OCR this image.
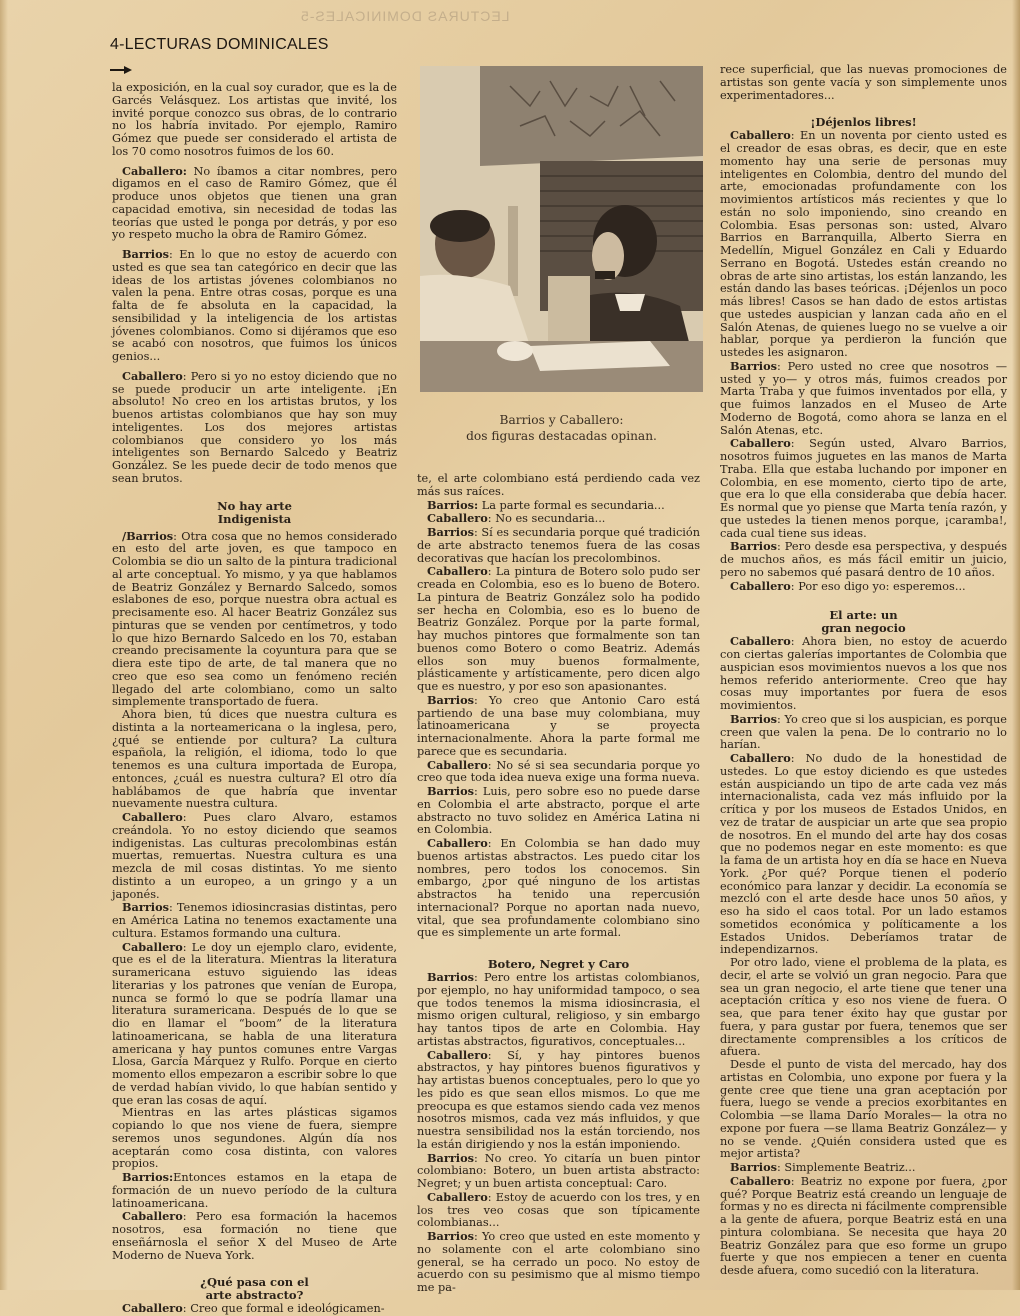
LECTURAS DOMINICALES-5
4-LECTURAS DOMINICALES

la exposición, en la cual soy curador, que es la de Garcés Velásquez. Los artistas que invité, los invité porque conozco sus obras, de lo contrario no los habría invitado. Por ejemplo, Ramiro Gómez que puede ser considerado el artista de los 70 como nosotros fuimos de los 60.

Caballero: No íbamos a citar nombres, pero digamos en el caso de Ramiro Gómez, que él produce unos objetos que tienen una gran capacidad emotiva, sin necesidad de todas las teorías que usted le ponga por detrás, y por eso yo respeto mucho la obra de Ramiro Gómez.

Barrios: En lo que no estoy de acuerdo con usted es que sea tan categórico en decir que las ideas de los artistas jóvenes colombianos no valen la pena. Entre otras cosas, porque es una falta de fe absoluta en la capacidad, la sensibilidad y la inteligencia de los artistas jóvenes colombianos. Como si dijéramos que eso se acabó con nosotros, que fuimos los únicos genios...

Caballero: Pero si yo no estoy diciendo que no se puede producir un arte inteligente. ¡En absoluto! No creo en los artistas brutos, y los buenos artistas colombianos que hay son muy inteligentes. Los dos mejores artistas colombianos que considero yo los más inteligentes son Bernardo Salcedo y Beatriz González. Se les puede decir de todo menos que sean brutos.

No hay arte
Indigenista

/Barrios: Otra cosa que no hemos considerado en esto del arte joven, es que tampoco en Colombia se dio un salto de la pintura tradicional al arte conceptual. Yo mismo, y ya que hablamos de Beatriz González y Bernardo Salcedo, somos eslabones de eso, porque nuestra obra actual es precisamente eso. Al hacer Beatriz González sus pinturas que se venden por centímetros, y todo lo que hizo Bernardo Salcedo en los 70, estaban creando precisamente la coyuntura para que se diera este tipo de arte, de tal manera que no creo que eso sea como un fenómeno recién llegado del arte colombiano, como un salto simplemente transportado de fuera.

Ahora bien, tú dices que nuestra cultura es distinta a la norteamericana o la inglesa, pero, ¿qué se entiende por cultura? La cultura española, la religión, el idioma, todo lo que tenemos es una cultura importada de Europa, entonces, ¿cuál es nuestra cultura? El otro día hablábamos de que habría que inventar nuevamente nuestra cultura.

Caballero: Pues claro Alvaro, estamos creándola. Yo no estoy diciendo que seamos indigenistas. Las culturas precolombinas están muertas, remuertas. Nuestra cultura es una mezcla de mil cosas distintas. Yo me siento distinto a un europeo, a un gringo y a un japonés.

Barrios: Tenemos idiosincrasias distintas, pero en América Latina no tenemos exactamente una cultura. Estamos formando una cultura.

Caballero: Le doy un ejemplo claro, evidente, que es el de la literatura. Mientras la literatura suramericana estuvo siguiendo las ideas literarias y los patrones que venían de Europa, nunca se formó lo que se podría llamar una literatura suramericana. Después de lo que se dio en llamar el “boom” de la literatura latinoamericana, se habla de una literatura americana y hay puntos comunes entre Vargas Llosa, García Márquez y Rulfo. Porque en cierto momento ellos empezaron a escribir sobre lo que de verdad habían vivido, lo que habían sentido y que eran las cosas de aquí.

Mientras en las artes plásticas sigamos copiando lo que nos viene de fuera, siempre seremos unos segundones. Algún día nos aceptarán como cosa distinta, con valores propios.

Barrios:Entonces estamos en la etapa de formación de un nuevo período de la cultura latinoamericana.

Caballero: Pero esa formación la hacemos nosotros, esa formación no tiene que enseñárnosla el señor X del Museo de Arte Moderno de Nueva York.

¿Qué pasa con el
arte abstracto?

Caballero: Creo que formal e ideológicamen-

Barrios y Caballero:
dos figuras destacadas opinan.

te, el arte colombiano está perdiendo cada vez más sus raíces.

Barrios: La parte formal es secundaria...

Caballero: No es secundaria...

Barrios: Sí es secundaria porque qué tradición de arte abstracto tenemos fuera de las cosas decorativas que hacían los precolombinos.

Caballero: La pintura de Botero solo pudo ser creada en Colombia, eso es lo bueno de Botero. La pintura de Beatriz González solo ha podido ser hecha en Colombia, eso es lo bueno de Beatriz González. Porque por la parte formal, hay muchos pintores que formalmente son tan buenos como Botero o como Beatriz. Además ellos son muy buenos formalmente, plásticamente y artísticamente, pero dicen algo que es nuestro, y por eso son apasionantes.

Barrios: Yo creo que Antonio Caro está partiendo de una base muy colombiana, muy latinoamericana y se proyecta internacionalmente. Ahora la parte formal me parece que es secundaria.

Caballero: No sé si sea secundaria porque yo creo que toda idea nueva exige una forma nueva.

Barrios: Luis, pero sobre eso no puede darse en Colombia el arte abstracto, porque el arte abstracto no tuvo solidez en América Latina ni en Colombia.

Caballero: En Colombia se han dado muy buenos artistas abstractos. Les puedo citar los nombres, pero todos los conocemos. Sin embargo, ¿por qué ninguno de los artistas abstractos ha tenido una repercusión internacional? Porque no aportan nada nuevo, vital, que sea profundamente colombiano sino que es simplemente un arte formal.

Botero, Negret y Caro

Barrios: Pero entre los artistas colombianos, por ejemplo, no hay uniformidad tampoco, o sea que todos tenemos la misma idiosincrasia, el mismo origen cultural, religioso, y sin embargo hay tantos tipos de arte en Colombia. Hay artistas abstractos, figurativos, conceptuales...

Caballero: Sí, y hay pintores buenos abstractos, y hay pintores buenos figurativos y hay artistas buenos conceptuales, pero lo que yo les pido es que sean ellos mismos. Lo que me preocupa es que estamos siendo cada vez menos nosotros mismos, cada vez más influidos, y que nuestra sensibilidad nos la están torciendo, nos la están dirigiendo y nos la están imponiendo.

Barrios: No creo. Yo citaría un buen pintor colombiano: Botero, un buen artista abstracto: Negret; y un buen artista conceptual: Caro.

Caballero: Estoy de acuerdo con los tres, y en los tres veo cosas que son típicamente colombianas...

Barrios: Yo creo que usted en este momento y no solamente con el arte colombiano sino general, se ha cerrado un poco. No estoy de acuerdo con su pesimismo que al mismo tiempo me pa-

rece superficial, que las nuevas promociones de artistas son gente vacía y son simplemente unos experimentadores...

¡Déjenlos libres!

Caballero: En un noventa por ciento usted es el creador de esas obras, es decir, que en este momento hay una serie de personas muy inteligentes en Colombia, dentro del mundo del arte, emocionadas profundamente con los movimientos artísticos más recientes y que lo están no solo imponiendo, sino creando en Colombia. Esas personas son: usted, Alvaro Barrios en Barranquilla, Alberto Sierra en Medellín, Miguel González en Cali y Eduardo Serrano en Bogotá. Ustedes están creando no obras de arte sino artistas, los están lanzando, les están dando las bases teóricas. ¡Déjenlos un poco más libres! Casos se han dado de estos artistas que ustedes auspician y lanzan cada año en el Salón Atenas, de quienes luego no se vuelve a oir hablar, porque ya perdieron la función que ustedes les asignaron.

Barrios: Pero usted no cree que nosotros —usted y yo— y otros más, fuimos creados por Marta Traba y que fuimos inventados por ella, y que fuimos lanzados en el Museo de Arte Moderno de Bogotá, como ahora se lanza en el Salón Atenas, etc.

Caballero: Según usted, Alvaro Barrios, nosotros fuimos juguetes en las manos de Marta Traba. Ella que estaba luchando por imponer en Colombia, en ese momento, cierto tipo de arte, que era lo que ella consideraba que debía hacer. Es normal que yo piense que Marta tenía razón, y que ustedes la tienen menos porque, ¡caramba!, cada cual tiene sus ideas.

Barrios: Pero desde esa perspectiva, y después de muchos años, es más fácil emitir un juicio, pero no sabemos qué pasará dentro de 10 años.

Caballero: Por eso digo yo: esperemos...

El arte: un
gran negocio

Caballero: Ahora bien, no estoy de acuerdo con ciertas galerías importantes de Colombia que auspician esos movimientos nuevos a los que nos hemos referido anteriormente. Creo que hay cosas muy importantes por fuera de esos movimientos.

Barrios: Yo creo que si los auspician, es porque creen que valen la pena. De lo contrario no lo harían.

Caballero: No dudo de la honestidad de ustedes. Lo que estoy diciendo es que ustedes están auspiciando un tipo de arte cada vez más internacionalista, cada vez más influido por la crítica y por los museos de Estados Unidos, en vez de tratar de auspiciar un arte que sea propio de nosotros. En el mundo del arte hay dos cosas que no podemos negar en este momento: es que la fama de un artista hoy en día se hace en Nueva York. ¿Por qué? Porque tienen el poderío económico para lanzar y decidir. La economía se mezcló con el arte desde hace unos 50 años, y eso ha sido el caos total. Por un lado estamos sometidos económica y políticamente a los Estados Unidos. Deberíamos tratar de independizarnos.

Por otro lado, viene el problema de la plata, es decir, el arte se volvió un gran negocio. Para que sea un gran negocio, el arte tiene que tener una aceptación crítica y eso nos viene de fuera. O sea, que para tener éxito hay que gustar por fuera, y para gustar por fuera, tenemos que ser directamente comprensibles a los críticos de afuera.

Desde el punto de vista del mercado, hay dos artistas en Colombia, uno expone por fuera y la gente cree que tiene una gran aceptación por fuera, luego se vende a precios exorbitantes en Colombia —se llama Darío Morales— la otra no expone por fuera —se llama Beatriz González— y no se vende. ¿Quién considera usted que es mejor artista?

Barrios: Simplemente Beatriz...

Caballero: Beatriz no expone por fuera, ¿por qué? Porque Beatriz está creando un lenguaje de formas y no es directa ni fácilmente comprensible a la gente de afuera, porque Beatriz está en una pintura colombiana. Se necesita que haya 20 Beatriz González para que eso forme un grupo fuerte y que nos empiecen a tener en cuenta desde afuera, como sucedió con la literatura.
